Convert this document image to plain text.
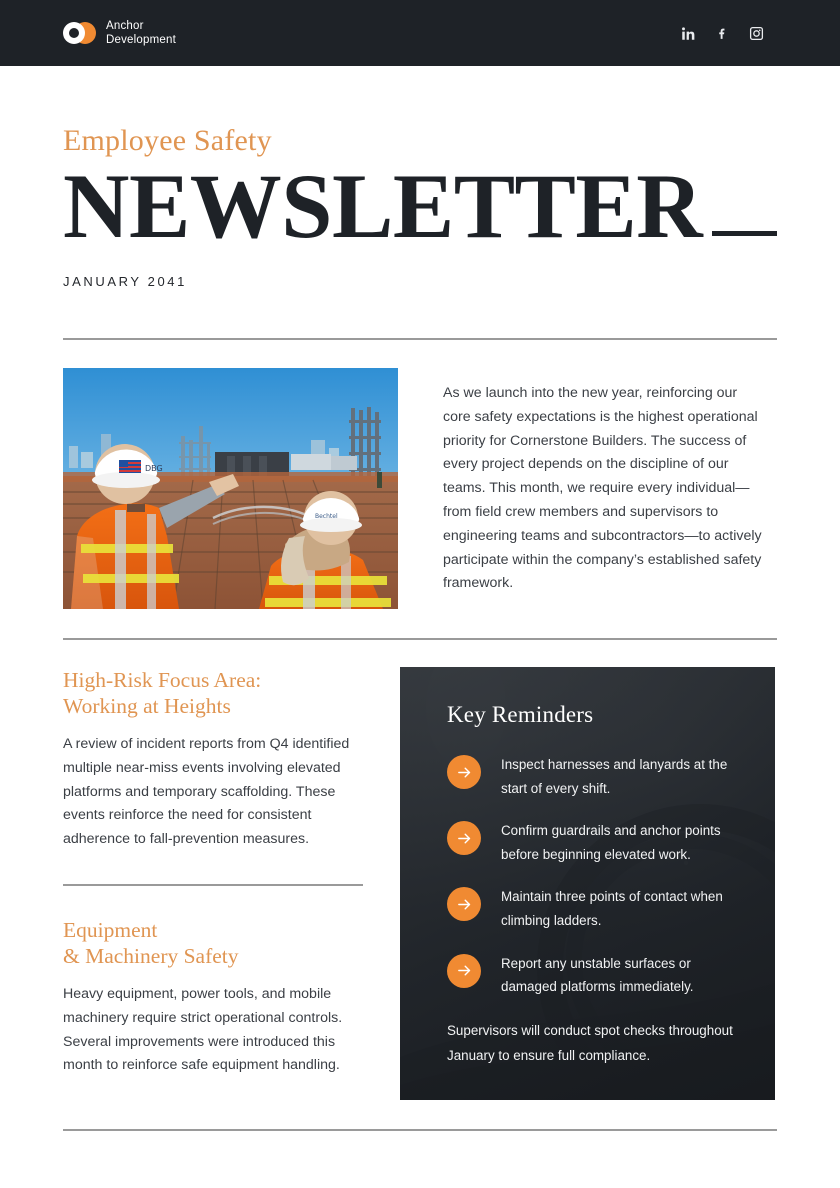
Anchor
Development
Employee Safety
NEWSLETTER
JANUARY 2041
DBG
Bechtel
As we launch into the new year, reinforcing our core safety expectations is the highest operational priority for Cornerstone Builders. The success of every project depends on the discipline of our teams. This month, we require every individual—from field crew members and supervisors to engineering teams and subcontractors—to actively participate within the company’s established safety framework.
High-Risk Focus Area:
Working at Heights
A review of incident reports from Q4 identified multiple near-miss events involving elevated platforms and temporary scaffolding. These events reinforce the need for consistent adherence to fall-prevention measures.
Equipment
& Machinery Safety
Heavy equipment, power tools, and mobile machinery require strict operational controls. Several improvements were introduced this month to reinforce safe equipment handling.
Key Reminders
Inspect harnesses and lanyards at the start of every shift.
Confirm guardrails and anchor points before beginning elevated work.
Maintain three points of contact when climbing ladders.
Report any unstable surfaces or damaged platforms immediately.
Supervisors will conduct spot checks throughout January to ensure full compliance.
